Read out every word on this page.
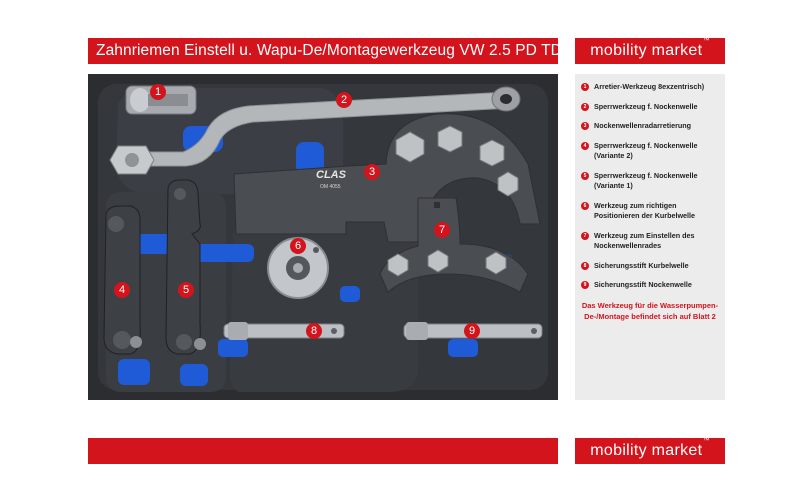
Zahnriemen Einstell u. Wapu-De/Montagewerkzeug VW 2.5 PD TDI mobility market™
CLAS
OM 4055
1
2
3
4	5
6
7
8	9
1	Arretier-Werkzeug 8exzentrisch)
2	Sperrwerkzeug f. Nockenwelle
3	Nockenwellenradarretierung
4	Sperrwerkzeug f. Nockenwelle (Variante 2)
5	Sperrwerkzeug f. Nockenwelle (Variante 1)
6	Werkzeug zum richtigen Positionieren der Kurbelwelle
7	Werkzeug zum Einstellen des Nockenwellenrades
8	Sicherungsstift Kurbelwelle
9	Sicherungsstift Nockenwelle
Das Werkzeug für die Wasserpumpen-De-/Montage befindet sich auf Blatt 2
mobility market™
